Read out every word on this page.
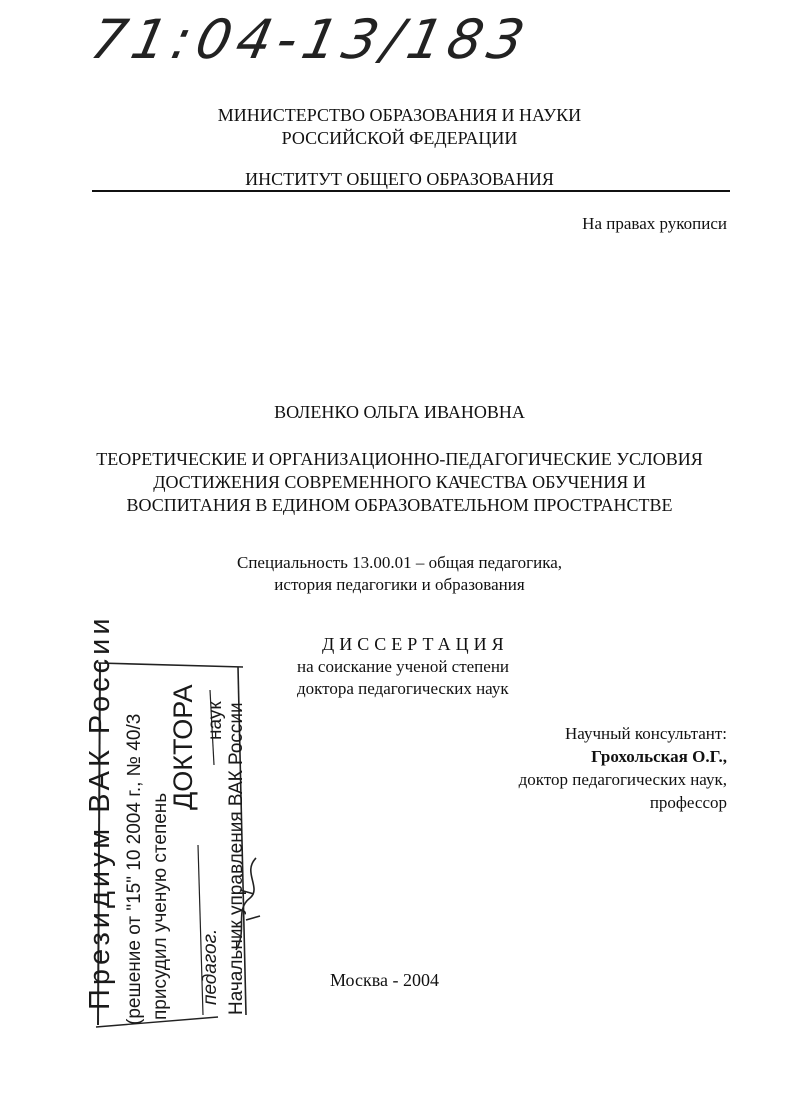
71:04-13/183
МИНИСТЕРСТВО ОБРАЗОВАНИЯ И НАУКИ
РОССИЙСКОЙ ФЕДЕРАЦИИ
ИНСТИТУТ ОБЩЕГО ОБРАЗОВАНИЯ
На правах рукописи
ВОЛЕНКО ОЛЬГА ИВАНОВНА
ТЕОРЕТИЧЕСКИЕ И ОРГАНИЗАЦИОННО-ПЕДАГОГИЧЕСКИЕ УСЛОВИЯ
ДОСТИЖЕНИЯ СОВРЕМЕННОГО КАЧЕСТВА ОБУЧЕНИЯ И
ВОСПИТАНИЯ В ЕДИНОМ ОБРАЗОВАТЕЛЬНОМ ПРОСТРАНСТВЕ
Специальность 13.00.01 – общая педагогика,
история педагогики и образования
ДИССЕРТАЦИЯ
на соискание ученой степени
доктора педагогических наук
Научный консультант:
Грохольская О.Г.,
доктор педагогических наук,
профессор
Москва - 2004
Президиум ВАК России (решение от "15" 10 2004 г., № 40/3 присудил ученую степень
ДОКТОРА
педагог.
наук Начальник управления ВАК России
